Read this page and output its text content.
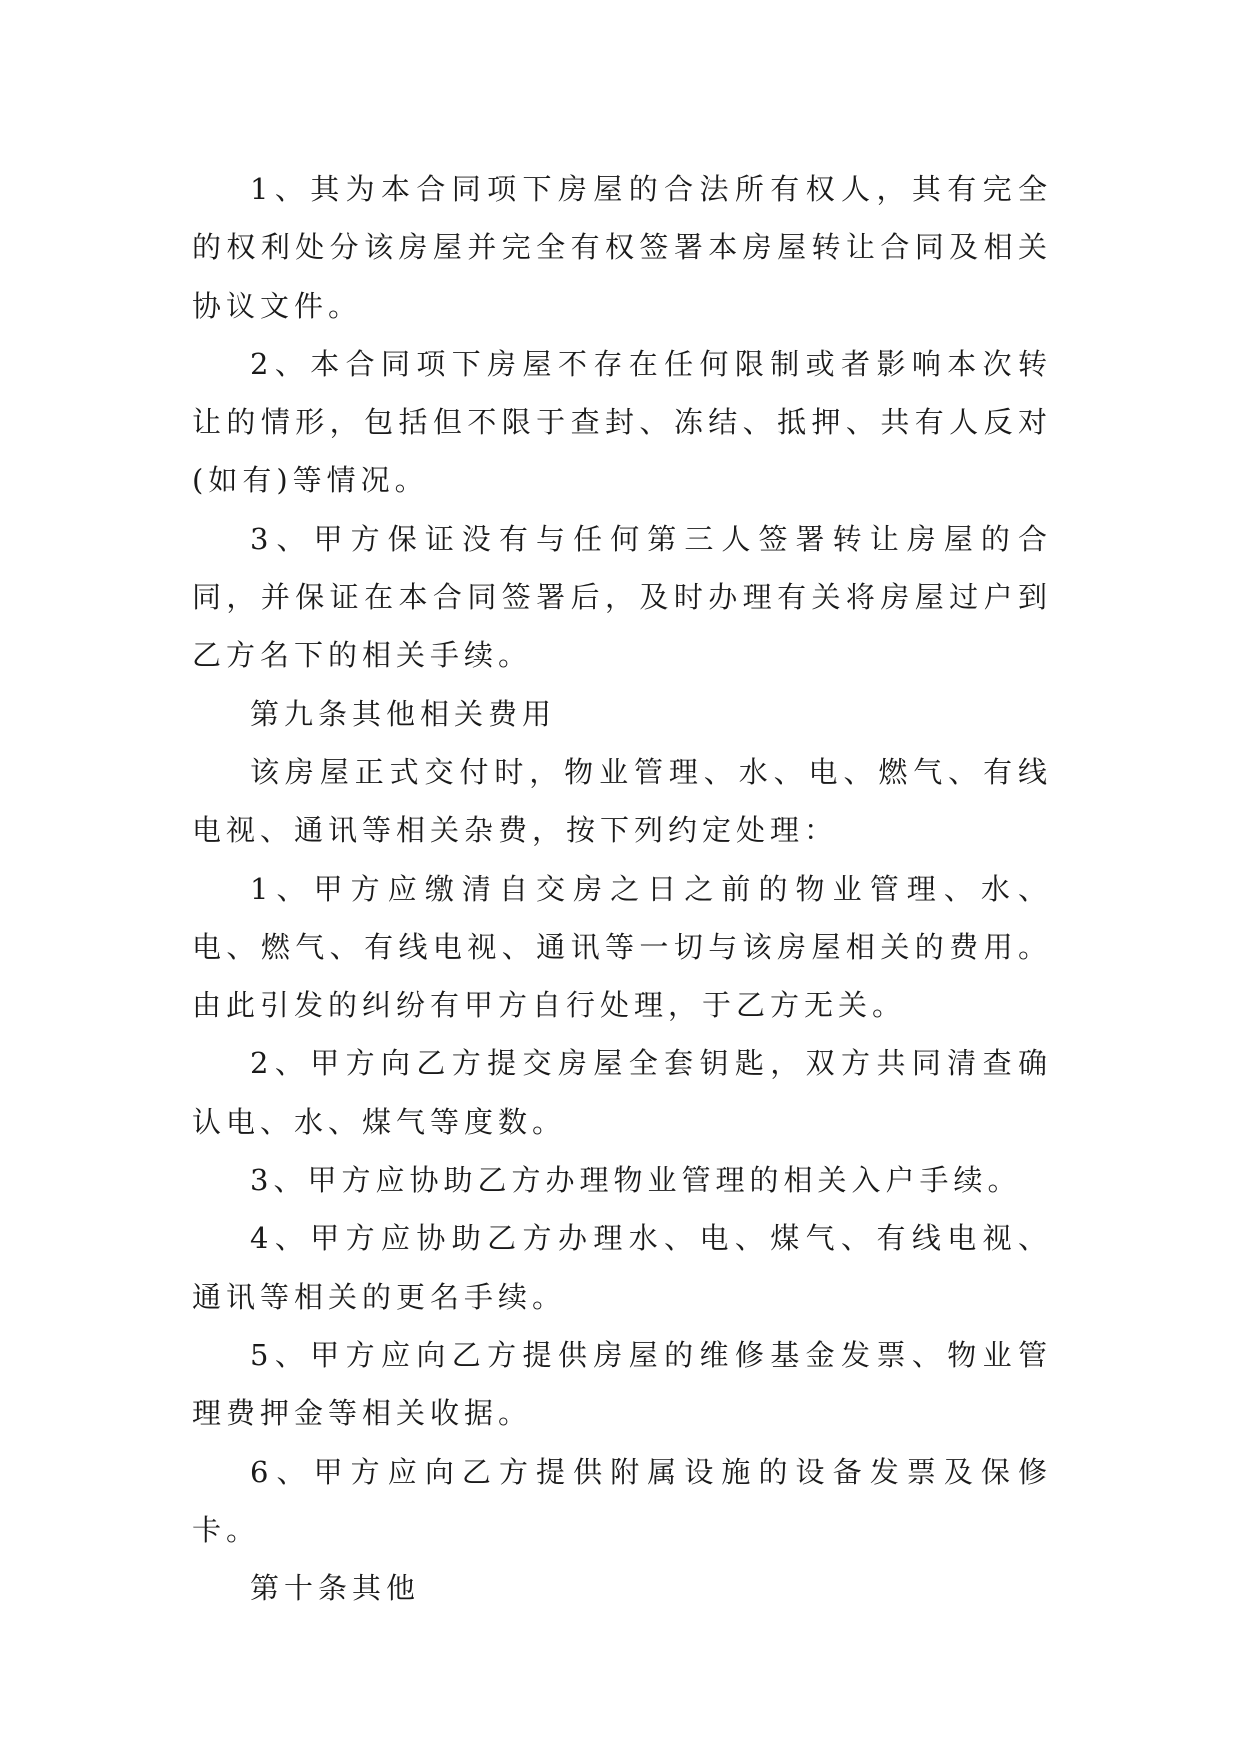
1、其为本合同项下房屋的合法所有权人，其有完全的权利处分该房屋并完全有权签署本房屋转让合同及相关协议文件。

2、本合同项下房屋不存在任何限制或者影响本次转让的情形，包括但不限于查封、冻结、抵押、共有人反对(如有)等情况。

3、甲方保证没有与任何第三人签署转让房屋的合同，并保证在本合同签署后，及时办理有关将房屋过户到乙方名下的相关手续。

第九条其他相关费用

该房屋正式交付时，物业管理、水、电、燃气、有线电视、通讯等相关杂费，按下列约定处理：

1、甲方应缴清自交房之日之前的物业管理、水、电、燃气、有线电视、通讯等一切与该房屋相关的费用。由此引发的纠纷有甲方自行处理，于乙方无关。

2、甲方向乙方提交房屋全套钥匙，双方共同清查确认电、水、煤气等度数。

3、甲方应协助乙方办理物业管理的相关入户手续。

4、甲方应协助乙方办理水、电、煤气、有线电视、通讯等相关的更名手续。

5、甲方应向乙方提供房屋的维修基金发票、物业管理费押金等相关收据。

6、甲方应向乙方提供附属设施的设备发票及保修卡。

第十条其他
